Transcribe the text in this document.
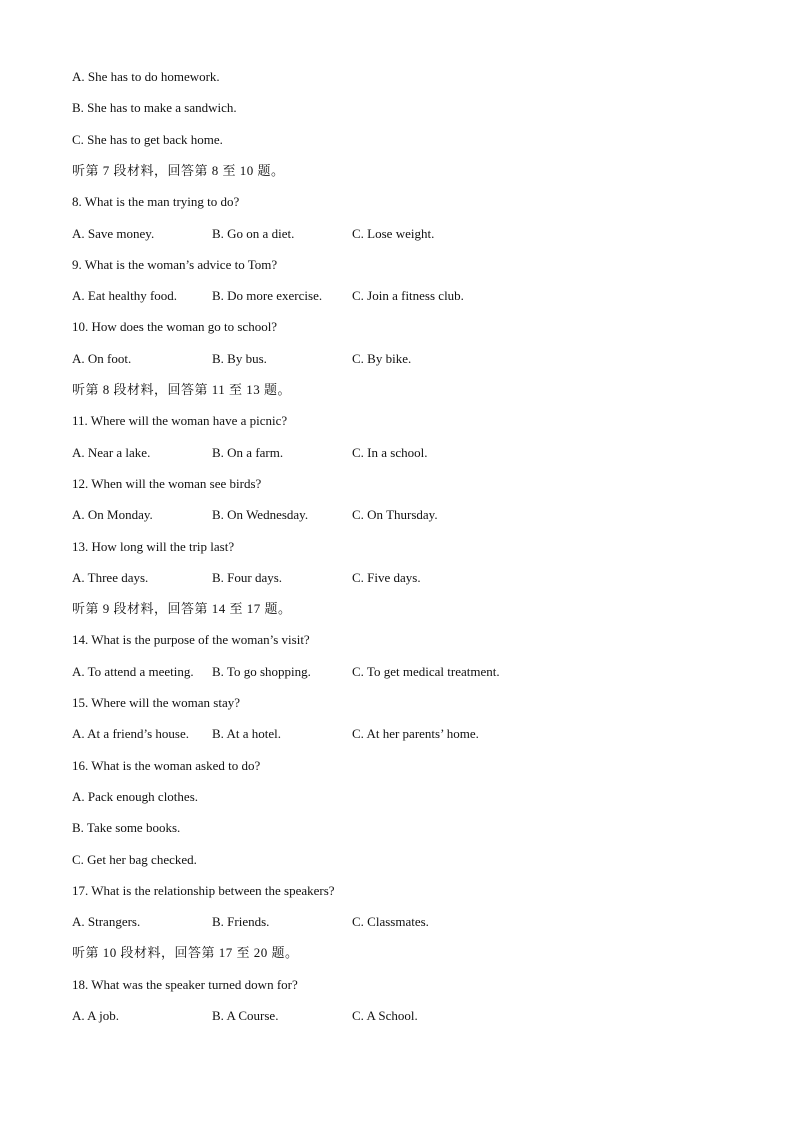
A. She has to do homework.
B. She has to make a sandwich.
C. She has to get back home.
听第 7 段材料，回答第 8 至 10 题。
8. What is the man trying to do?
A. Save money.	B. Go on a diet.	C. Lose weight.
9. What is the woman’s advice to Tom?
A. Eat healthy food.	B. Do more exercise. C. Join a fitness club.
10. How does the woman go to school?
A. On foot.	B. By bus.	C. By bike.
听第 8 段材料，回答第 11 至 13 题。
11. Where will the woman have a picnic?
A. Near a lake.	B. On a farm.	C. In a school.
12. When will the woman see birds?
A. On Monday.	B. On Wednesday.	C. On Thursday.
13. How long will the trip last?
A. Three days.	B. Four days.	C. Five days.
听第 9 段材料，回答第 14 至 17 题。
14. What is the purpose of the woman’s visit?
A. To attend a meeting. B. To go shopping.	C. To get medical treatment.
15. Where will the woman stay?
A. At a friend’s house. B. At a hotel.	C. At her parents’ home.
16. What is the woman asked to do?
A. Pack enough clothes.
B. Take some books.
C. Get her bag checked.
17. What is the relationship between the speakers?
A. Strangers.	B. Friends.	C. Classmates.
听第 10 段材料，回答第 17 至 20 题。
18. What was the speaker turned down for?
A. A job.	B. A Course.	C. A School.
